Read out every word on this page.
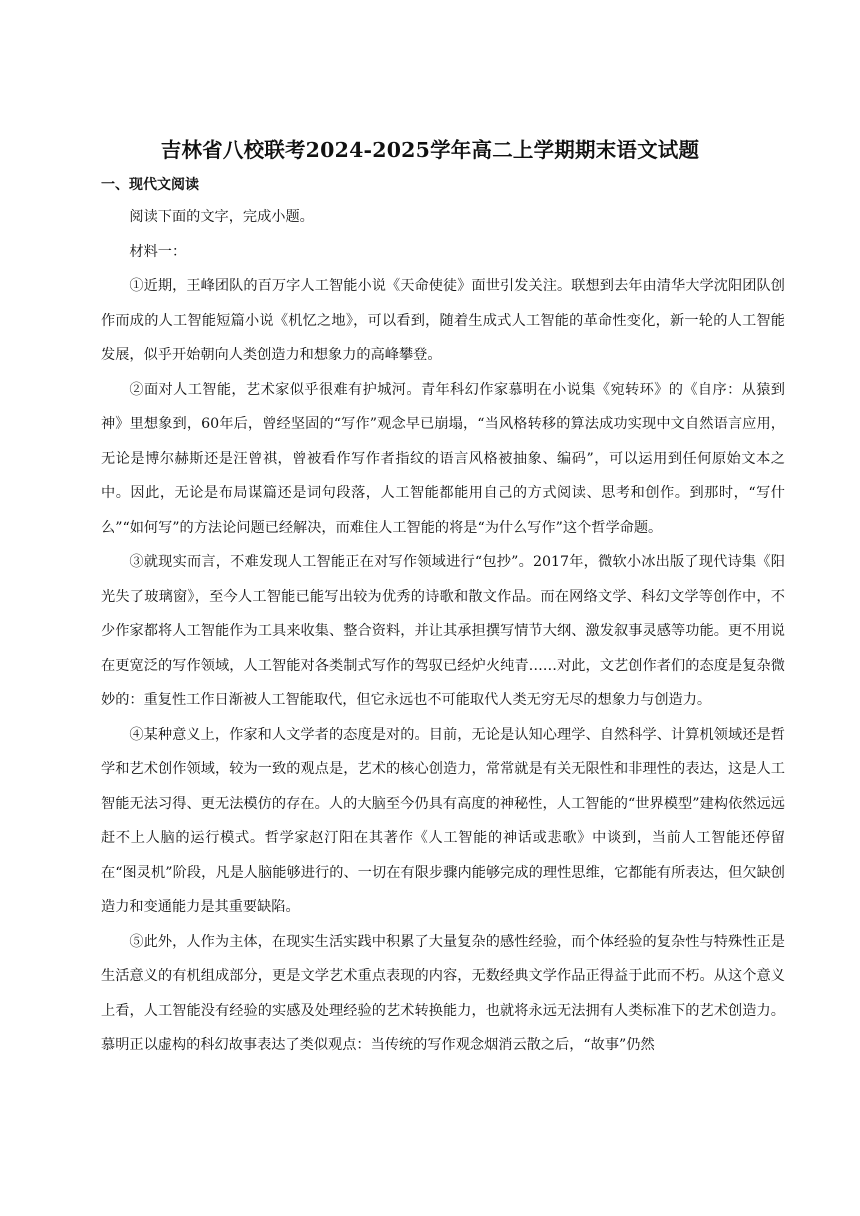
吉林省八校联考2024-2025学年高二上学期期末语文试题
一、现代文阅读

阅读下面的文字，完成小题。

材料一：

①近期，王峰团队的百万字人工智能小说《天命使徒》面世引发关注。联想到去年由清华大学沈阳团队创作而成的人工智能短篇小说《机忆之地》，可以看到，随着生成式人工智能的革命性变化，新一轮的人工智能发展，似乎开始朝向人类创造力和想象力的高峰攀登。

②面对人工智能，艺术家似乎很难有护城河。青年科幻作家慕明在小说集《宛转环》的《自序：从猿到神》里想象到，60年后，曾经坚固的“写作”观念早已崩塌，“当风格转移的算法成功实现中文自然语言应用，无论是博尔赫斯还是汪曾祺，曾被看作写作者指纹的语言风格被抽象、编码”，可以运用到任何原始文本之中。因此，无论是布局谋篇还是词句段落，人工智能都能用自己的方式阅读、思考和创作。到那时，“写什么”“如何写”的方法论问题已经解决，而难住人工智能的将是“为什么写作”这个哲学命题。

③就现实而言，不难发现人工智能正在对写作领域进行“包抄”。2017年，微软小冰出版了现代诗集《阳光失了玻璃窗》，至今人工智能已能写出较为优秀的诗歌和散文作品。而在网络文学、科幻文学等创作中，不少作家都将人工智能作为工具来收集、整合资料，并让其承担撰写情节大纲、激发叙事灵感等功能。更不用说在更宽泛的写作领域，人工智能对各类制式写作的驾驭已经炉火纯青……对此，文艺创作者们的态度是复杂微妙的：重复性工作日渐被人工智能取代，但它永远也不可能取代人类无穷无尽的想象力与创造力。

④某种意义上，作家和人文学者的态度是对的。目前，无论是认知心理学、自然科学、计算机领域还是哲学和艺术创作领域，较为一致的观点是，艺术的核心创造力，常常就是有关无限性和非理性的表达，这是人工智能无法习得、更无法模仿的存在。人的大脑至今仍具有高度的神秘性，人工智能的“世界模型”建构依然远远赶不上人脑的运行模式。哲学家赵汀阳在其著作《人工智能的神话或悲歌》中谈到，当前人工智能还停留在“图灵机”阶段，凡是人脑能够进行的、一切在有限步骤内能够完成的理性思维，它都能有所表达，但欠缺创造力和变通能力是其重要缺陷。

⑤此外，人作为主体，在现实生活实践中积累了大量复杂的感性经验，而个体经验的复杂性与特殊性正是生活意义的有机组成部分，更是文学艺术重点表现的内容，无数经典文学作品正得益于此而不朽。从这个意义上看，人工智能没有经验的实感及处理经验的艺术转换能力，也就将永远无法拥有人类标准下的艺术创造力。慕明正以虚构的科幻故事表达了类似观点：当传统的写作观念烟消云散之后，“故事”仍然
